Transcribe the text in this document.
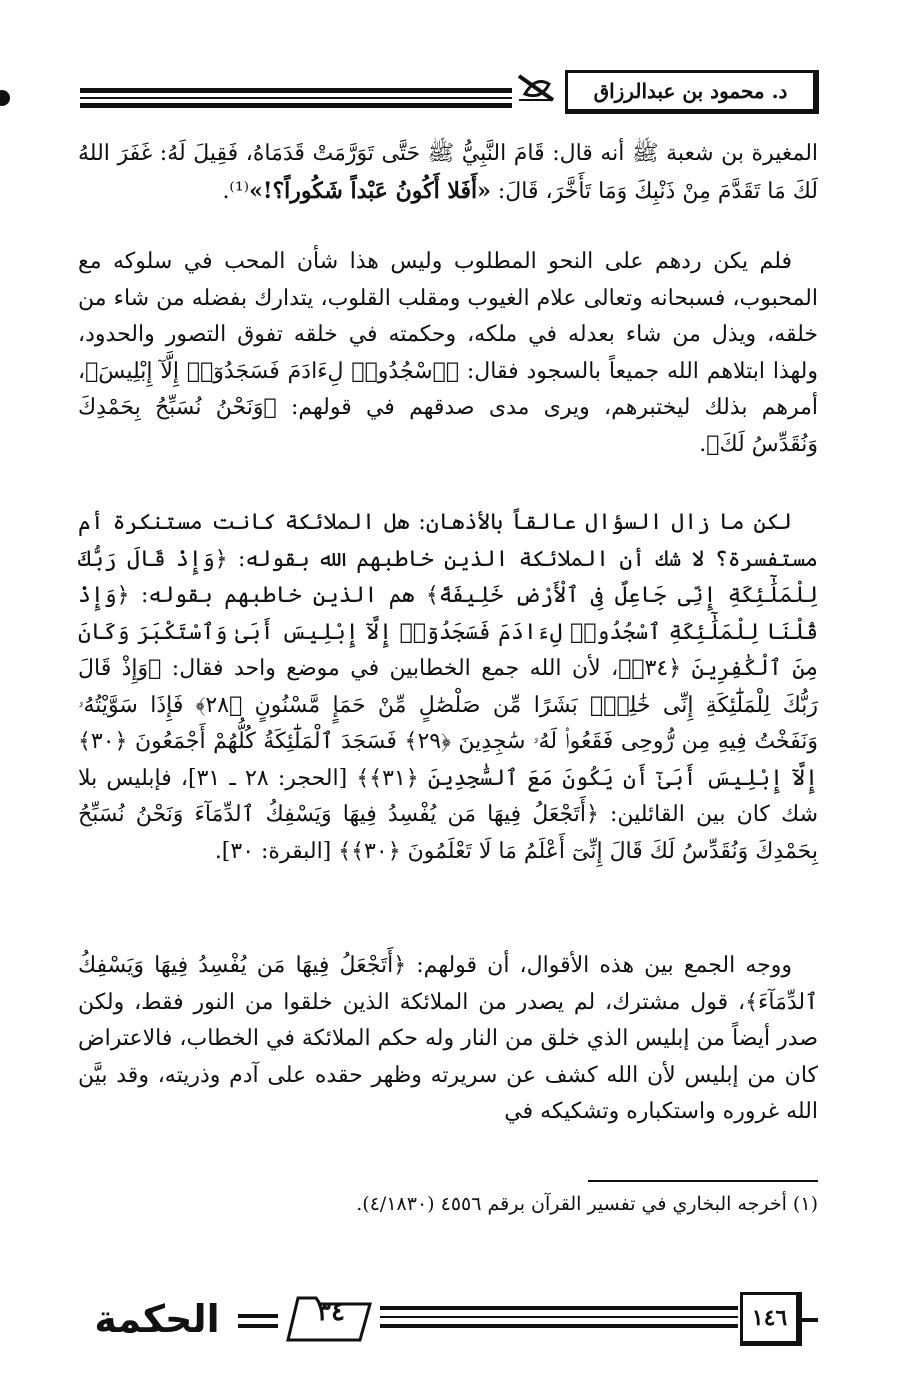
د. محمود بن عبدالرزاق
المغيرة بن شعبة ﷺ أنه قال: قَامَ النَّبِيُّ ﷺ حَتَّى تَوَرَّمَتْ قَدَمَاهُ، فَقِيلَ لَهُ: غَفَرَ اللهُ لَكَ مَا تَقَدَّمَ مِنْ ذَنْبِكَ وَمَا تَأَخَّرَ، قَالَ: «أَفَلا أَكُونُ عَبْداً شَكُوراً؟!»⁽¹⁾.
فلم يكن ردهم على النحو المطلوب وليس هذا شأن المحب في سلوكه مع المحبوب، فسبحانه وتعالى علام الغيوب ومقلب القلوب، يتدارك بفضله من شاء من خلقه، ويذل من شاء بعدله في ملكه، وحكمته في خلقه تفوق التصور والحدود، ولهذا ابتلاهم الله جميعاً بالسجود فقال: ﴿ٱسْجُدُوا۟ لِءَادَمَ فَسَجَدُوٓا۟ إِلَّآ إِبْلِيسَ﴾، أمرهم بذلك ليختبرهم، ويرى مدى صدقهم في قولهم: ﴿وَنَحْنُ نُسَبِّحُ بِحَمْدِكَ وَنُقَدِّسُ لَكَ﴾.
لكن ما زال السؤال عالقاً بالأذهان: هل الملائكة كانت مستنكرة أم مستفسرة؟ لا شك أن الملائكة الذين خاطبهم الله بقوله: ﴿وَإِذْ قَالَ رَبُّكَ لِلْمَلَٰٓئِكَةِ إِنِّى جَاعِلٌ فِى ٱلْأَرْضِ خَلِيفَةً﴾ هم الذين خاطبهم بقوله: ﴿وَإِذْ قُلْنَا لِلْمَلَٰٓئِكَةِ ٱسْجُدُوا۟ لِءَادَمَ فَسَجَدُوٓا۟ إِلَّآ إِبْلِيسَ أَبَىٰ وَٱسْتَكْبَرَ وَكَانَ مِنَ ٱلْكَٰفِرِينَ ﴿٣٤﴾﴾، لأن الله جمع الخطابين في موضع واحد فقال: ﴿وَإِذْ قَالَ رَبُّكَ لِلْمَلَٰٓئِكَةِ إِنِّى خَٰلِقٌۢ بَشَرًا مِّن صَلْصَٰلٍ مِّنْ حَمَإٍ مَّسْنُونٍ ﴿٢٨﴾ فَإِذَا سَوَّيْتُهُۥ وَنَفَخْتُ فِيهِ مِن رُّوحِى فَقَعُوا۟ لَهُۥ سَٰجِدِينَ ﴿٢٩﴾ فَسَجَدَ ٱلْمَلَٰٓئِكَةُ كُلُّهُمْ أَجْمَعُونَ ﴿٣٠﴾ إِلَّآ إِبْلِيسَ أَبَىٰٓ أَن يَكُونَ مَعَ ٱلسَّٰجِدِينَ ﴿٣١﴾﴾ [الحجر: ٢٨ ـ ٣١]، فإبليس بلا شك كان بين القائلين: ﴿أَتَجْعَلُ فِيهَا مَن يُفْسِدُ فِيهَا وَيَسْفِكُ ٱلدِّمَآءَ وَنَحْنُ نُسَبِّحُ بِحَمْدِكَ وَنُقَدِّسُ لَكَ قَالَ إِنِّىٓ أَعْلَمُ مَا لَا تَعْلَمُونَ ﴿٣٠﴾﴾ [البقرة: ٣٠].
ووجه الجمع بين هذه الأقوال، أن قولهم: ﴿أَتَجْعَلُ فِيهَا مَن يُفْسِدُ فِيهَا وَيَسْفِكُ ٱلدِّمَآءَ﴾، قول مشترك، لم يصدر من الملائكة الذين خلقوا من النور فقط، ولكن صدر أيضاً من إبليس الذي خلق من النار وله حكم الملائكة في الخطاب، فالاعتراض كان من إبليس لأن الله كشف عن سريرته وظهر حقده على آدم وذريته، وقد بيَّن الله غروره واستكباره وتشكيكه في
(١) أخرجه البخاري في تفسير القرآن برقم ٤٥٥٦ (٤/١٨٣٠).
الحكمة	٣٤	١٤٦
